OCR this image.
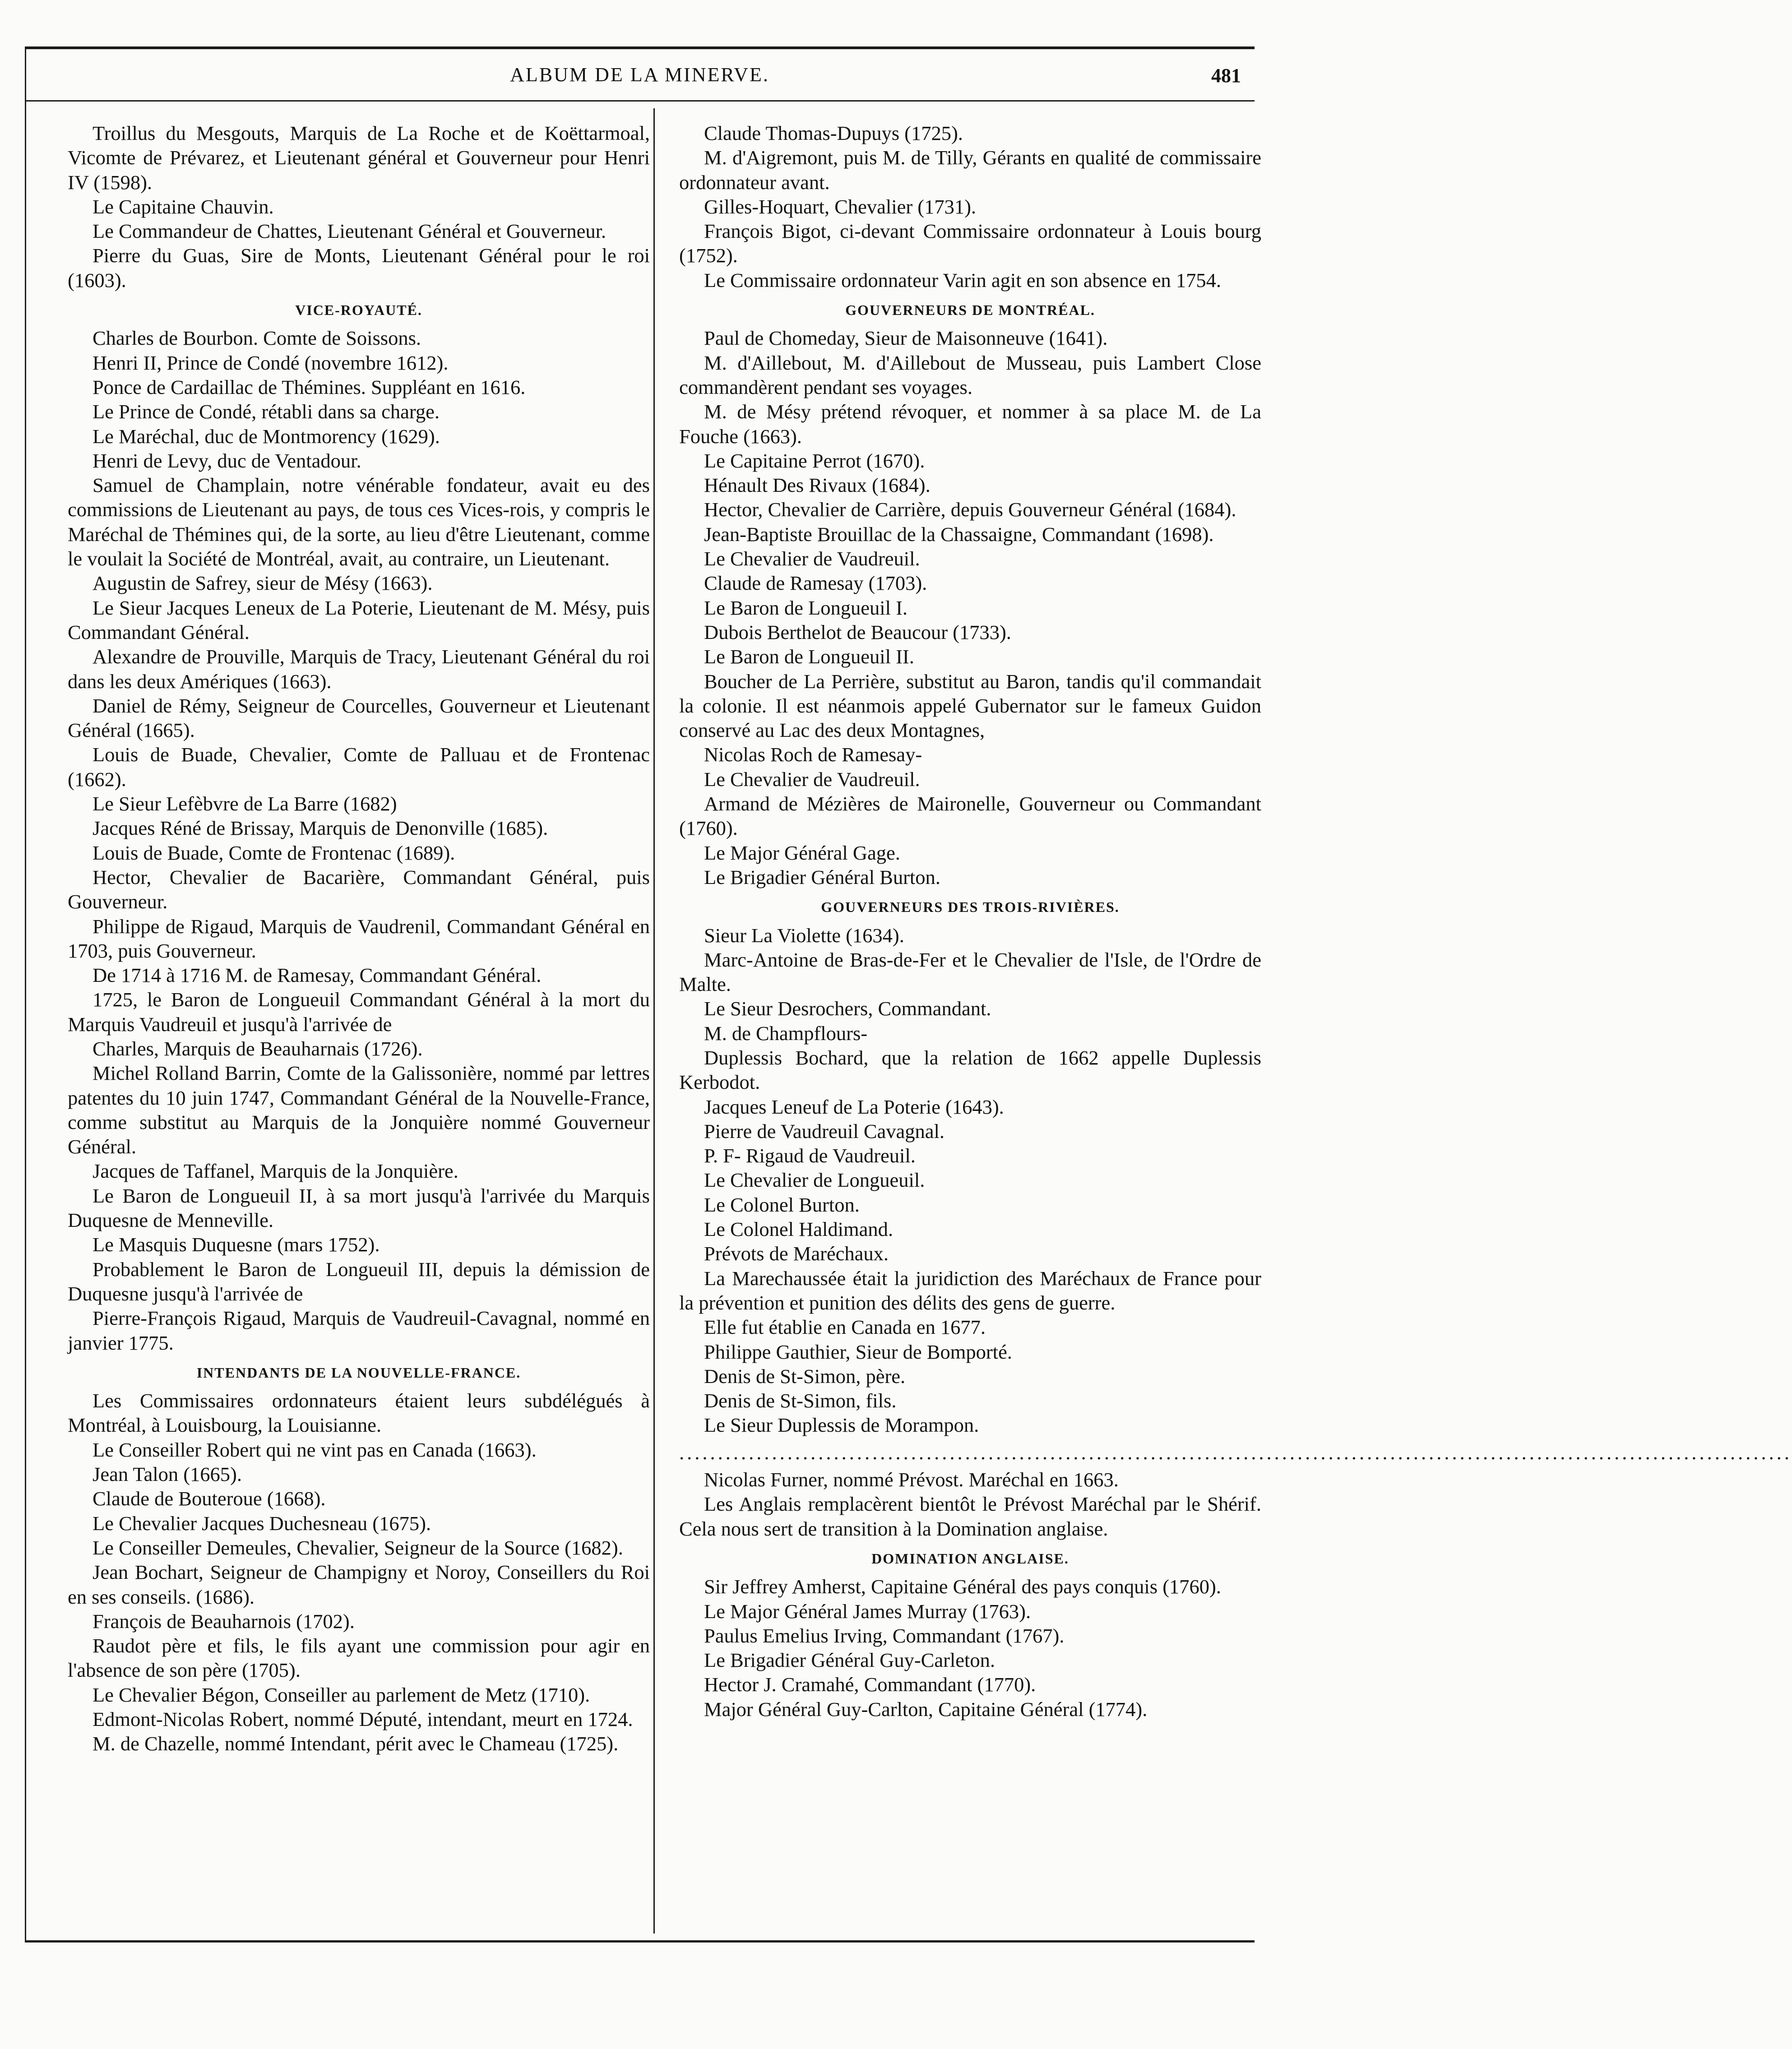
ALBUM DE LA MINERVE.	481

Troillus du Mesgouts, Marquis de La Roche et de Koëttarmoal, Vicomte de Prévarez, et Lieutenant général et Gouverneur pour Henri IV (1598).

Le Capitaine Chauvin.

Le Commandeur de Chattes, Lieutenant Général et Gouverneur.

Pierre du Guas, Sire de Monts, Lieutenant Général pour le roi (1603).

VICE-ROYAUTÉ.

Charles de Bourbon. Comte de Soissons.

Henri II, Prince de Condé (novembre 1612).

Ponce de Cardaillac de Thémines. Suppléant en 1616.

Le Prince de Condé, rétabli dans sa charge.

Le Maréchal, duc de Montmorency (1629).

Henri de Levy, duc de Ventadour.

Samuel de Champlain, notre vénérable fondateur, avait eu des commissions de Lieutenant au pays, de tous ces Vices-rois, y compris le Maréchal de Thémines qui, de la sorte, au lieu d'être Lieutenant, comme le voulait la Société de Montréal, avait, au contraire, un Lieutenant.

Augustin de Safrey, sieur de Mésy (1663).

Le Sieur Jacques Leneux de La Poterie, Lieutenant de M. Mésy, puis Commandant Général.

Alexandre de Prouville, Marquis de Tracy, Lieutenant Général du roi dans les deux Amériques (1663).

Daniel de Rémy, Seigneur de Courcelles, Gouverneur et Lieutenant Général (1665).

Louis de Buade, Chevalier, Comte de Palluau et de Frontenac (1662).

Le Sieur Lefèbvre de La Barre (1682)

Jacques Réné de Brissay, Marquis de Denonville (1685).

Louis de Buade, Comte de Frontenac (1689).

Hector, Chevalier de Bacarière, Commandant Général, puis Gouverneur.

Philippe de Rigaud, Marquis de Vaudrenil, Commandant Général en 1703, puis Gouverneur.

De 1714 à 1716 M. de Ramesay, Commandant Général.

1725, le Baron de Longueuil Commandant Général à la mort du Marquis Vaudreuil et jusqu'à l'arrivée de

Charles, Marquis de Beauharnais (1726).

Michel Rolland Barrin, Comte de la Galissonière, nommé par lettres patentes du 10 juin 1747, Commandant Général de la Nouvelle-France, comme substitut au Marquis de la Jonquière nommé Gouverneur Général.

Jacques de Taffanel, Marquis de la Jonquière.

Le Baron de Longueuil II, à sa mort jusqu'à l'arrivée du Marquis Duquesne de Menneville.

Le Masquis Duquesne (mars 1752).

Probablement le Baron de Longueuil III, depuis la démission de Duquesne jusqu'à l'arrivée de

Pierre-François Rigaud, Marquis de Vaudreuil-Cavagnal, nommé en janvier 1775.

INTENDANTS DE LA NOUVELLE-FRANCE.

Les Commissaires ordonnateurs étaient leurs subdélégués à Montréal, à Louisbourg, la Louisianne.

Le Conseiller Robert qui ne vint pas en Canada (1663).

Jean Talon (1665).

Claude de Bouteroue (1668).

Le Chevalier Jacques Duchesneau (1675).

Le Conseiller Demeules, Chevalier, Seigneur de la Source (1682).

Jean Bochart, Seigneur de Champigny et Noroy, Conseillers du Roi en ses conseils. (1686).

François de Beauharnois (1702).

Raudot père et fils, le fils ayant une commission pour agir en l'absence de son père (1705).

Le Chevalier Bégon, Conseiller au parlement de Metz (1710).

Edmont-Nicolas Robert, nommé Député, intendant, meurt en 1724.

M. de Chazelle, nommé Intendant, périt avec le Chameau (1725).

Claude Thomas-Dupuys (1725).

M. d'Aigremont, puis M. de Tilly, Gérants en qualité de commissaire ordonnateur avant.

Gilles-Hoquart, Chevalier (1731).

François Bigot, ci-devant Commissaire ordonnateur à Louis bourg (1752).

Le Commissaire ordonnateur Varin agit en son absence en 1754.

GOUVERNEURS DE MONTRÉAL.

Paul de Chomeday, Sieur de Maisonneuve (1641).

M. d'Aillebout, M. d'Aillebout de Musseau, puis Lambert Close commandèrent pendant ses voyages.

M. de Mésy prétend révoquer, et nommer à sa place M. de La Fouche (1663).

Le Capitaine Perrot (1670).

Hénault Des Rivaux (1684).

Hector, Chevalier de Carrière, depuis Gouverneur Général (1684).

Jean-Baptiste Brouillac de la Chassaigne, Commandant (1698).

Le Chevalier de Vaudreuil.

Claude de Ramesay (1703).

Le Baron de Longueuil I.

Dubois Berthelot de Beaucour (1733).

Le Baron de Longueuil II.

Boucher de La Perrière, substitut au Baron, tandis qu'il commandait la colonie. Il est néanmois appelé Gubernator sur le fameux Guidon conservé au Lac des deux Montagnes,

Nicolas Roch de Ramesay-

Le Chevalier de Vaudreuil.

Armand de Mézières de Maironelle, Gouverneur ou Commandant (1760).

Le Major Général Gage.

Le Brigadier Général Burton.

GOUVERNEURS DES TROIS-RIVIÈRES.

Sieur La Violette (1634).

Marc-Antoine de Bras-de-Fer et le Chevalier de l'Isle, de l'Ordre de Malte.

Le Sieur Desrochers, Commandant.

M. de Champflours-

Duplessis Bochard, que la relation de 1662 appelle Duplessis Kerbodot.

Jacques Leneuf de La Poterie (1643).

Pierre de Vaudreuil Cavagnal.

P. F- Rigaud de Vaudreuil.

Le Chevalier de Longueuil.

Le Colonel Burton.

Le Colonel Haldimand.

Prévots de Maréchaux.

La Marechaussée était la juridiction des Maréchaux de France pour la prévention et punition des délits des gens de guerre.

Elle fut établie en Canada en 1677.

Philippe Gauthier, Sieur de Bomporté.

Denis de St-Simon, père.

Denis de St-Simon, fils.

Le Sieur Duplessis de Morampon.

................................................................................................................................................

Nicolas Furner, nommé Prévost. Maréchal en 1663.

Les Anglais remplacèrent bientôt le Prévost Maréchal par le Shérif. Cela nous sert de transition à la Domination anglaise.

DOMINATION ANGLAISE.

Sir Jeffrey Amherst, Capitaine Général des pays conquis (1760).

Le Major Général James Murray (1763).

Paulus Emelius Irving, Commandant (1767).

Le Brigadier Général Guy-Carleton.

Hector J. Cramahé, Commandant (1770).

Major Général Guy-Carlton, Capitaine Général (1774).
